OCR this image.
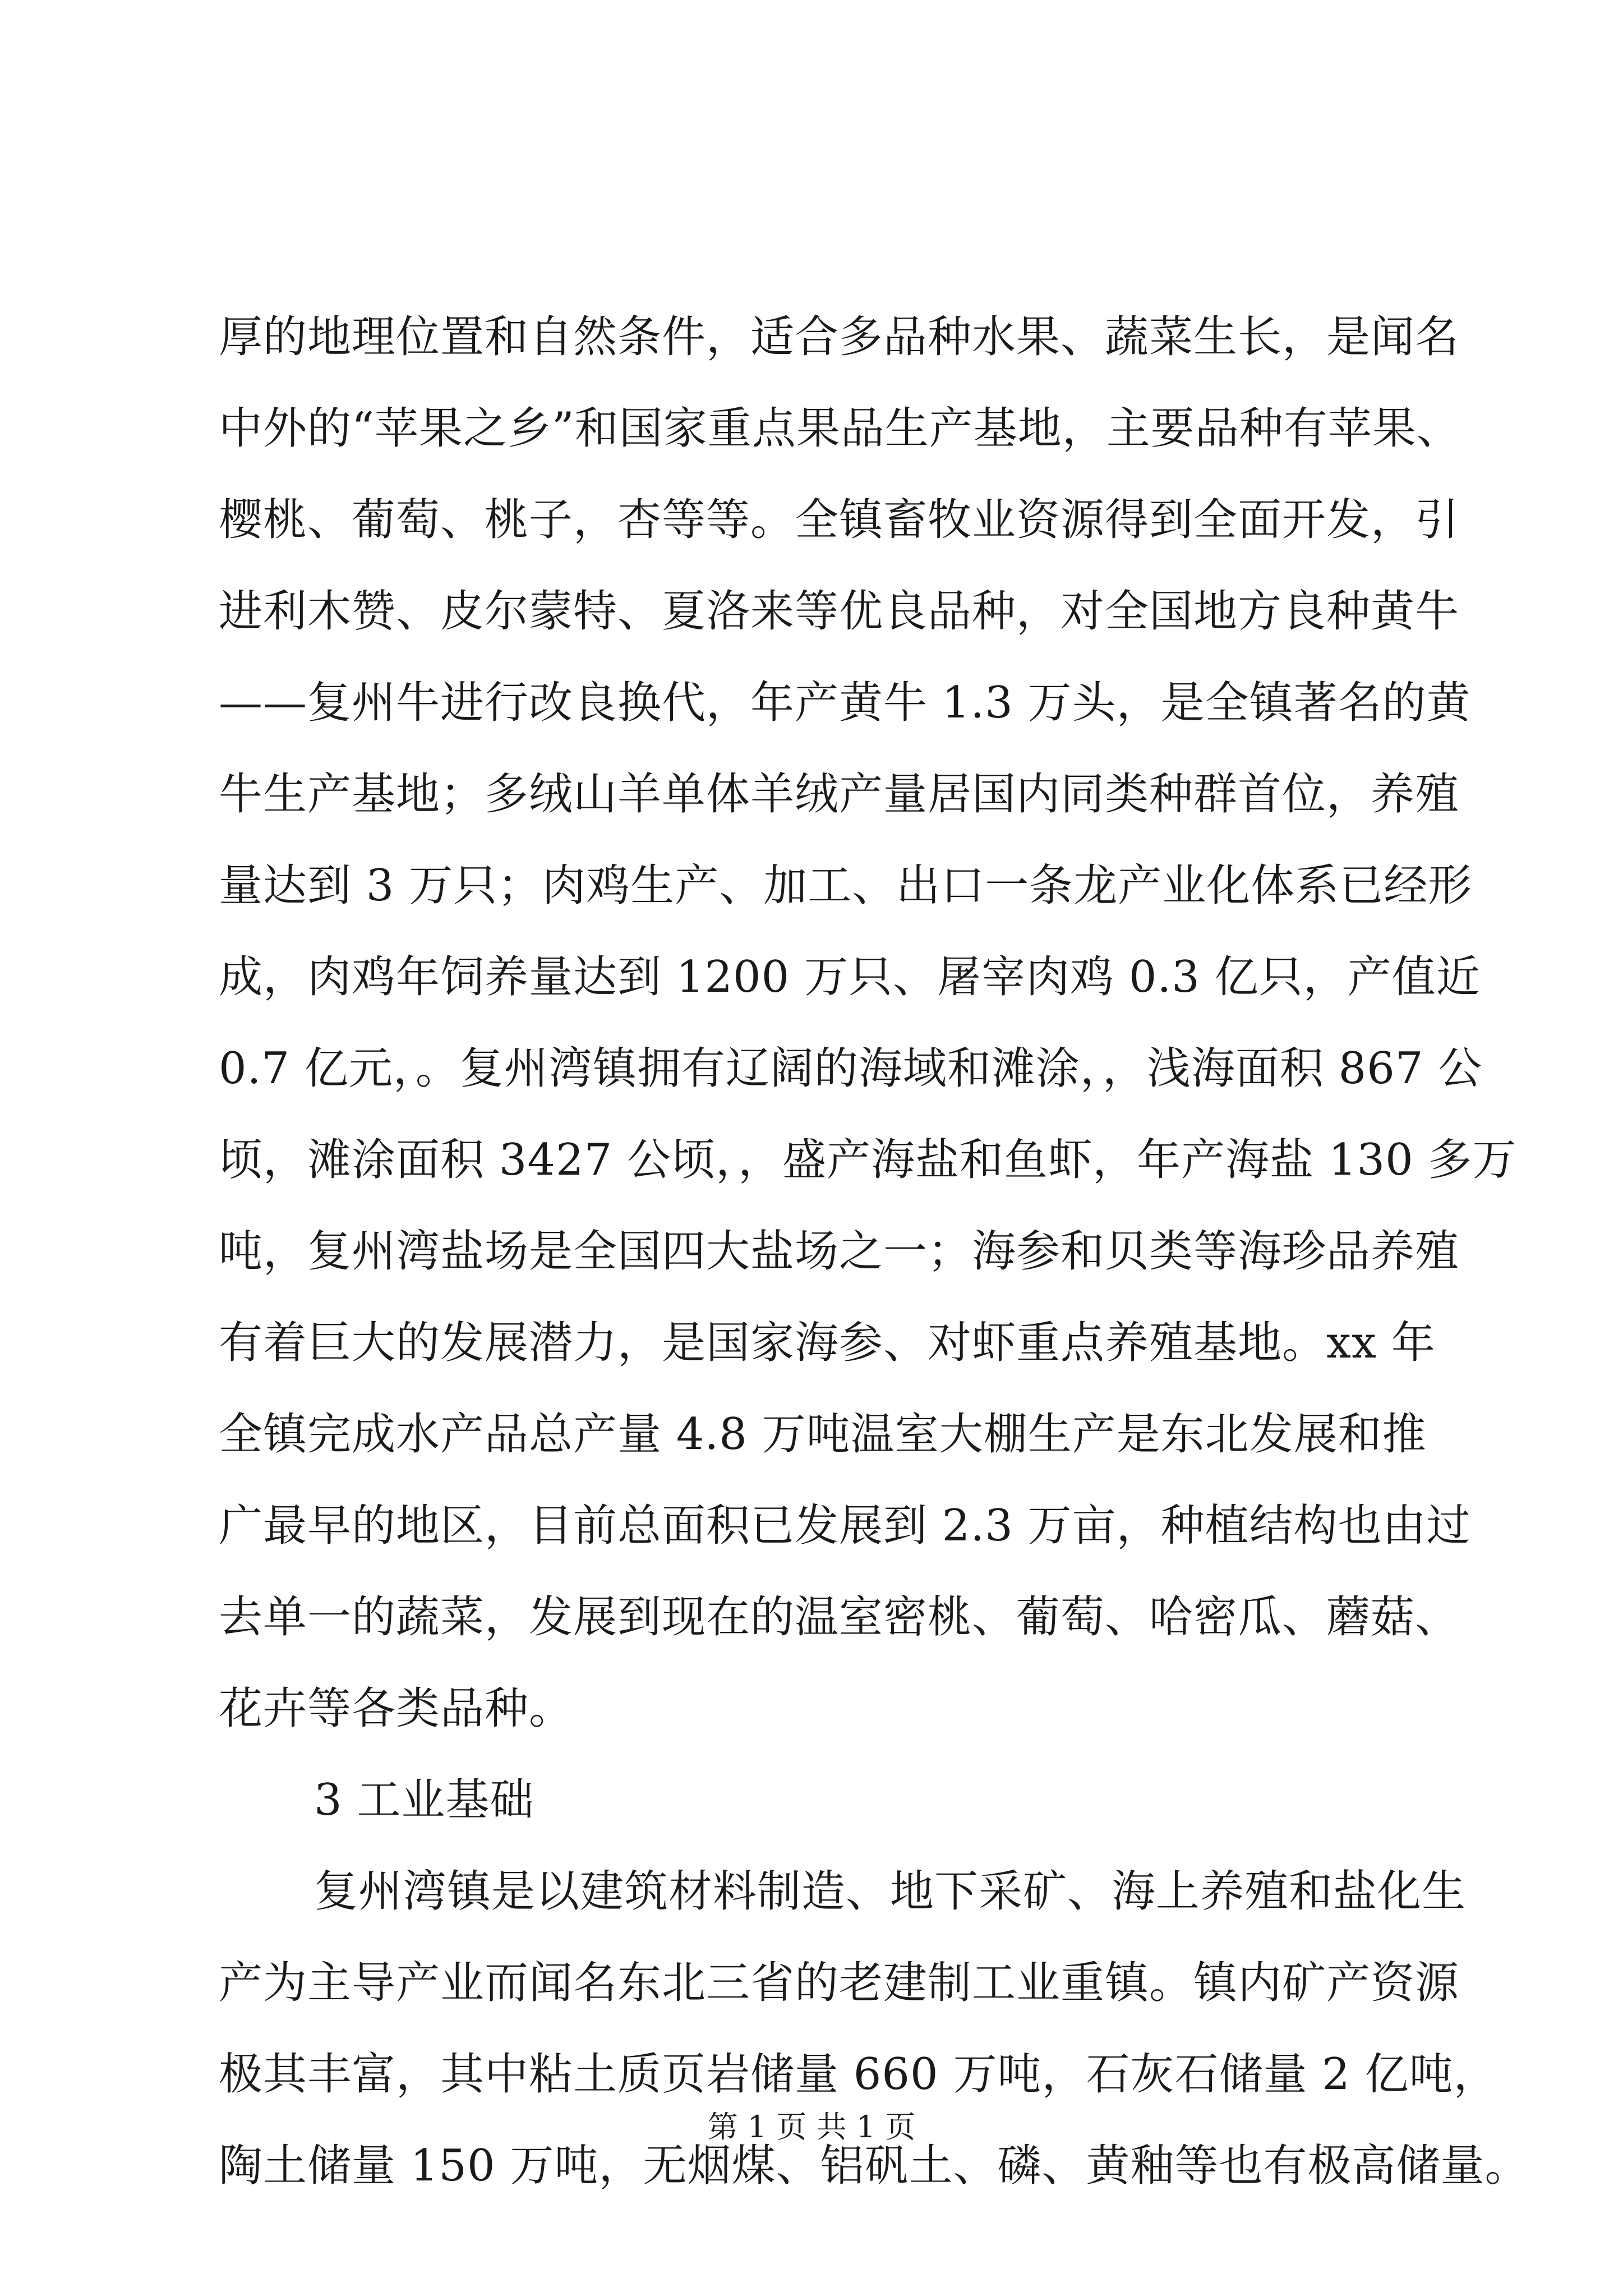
厚的地理位置和自然条件，适合多品种水果、蔬菜生长，是闻名
中外的“苹果之乡”和国家重点果品生产基地，主要品种有苹果、
樱桃、葡萄、桃子，杏等等。全镇畜牧业资源得到全面开发，引
进利木赞、皮尔蒙特、夏洛来等优良品种，对全国地方良种黄牛
——复州牛进行改良换代，年产黄牛 1.3 万头，是全镇著名的黄
牛生产基地；多绒山羊单体羊绒产量居国内同类种群首位，养殖
量达到 3 万只；肉鸡生产、加工、出口一条龙产业化体系已经形
成，肉鸡年饲养量达到 1200 万只、屠宰肉鸡 0.3 亿只，产值近
0.7 亿元，。复州湾镇拥有辽阔的海域和滩涂，，浅海面积 867 公
顷，滩涂面积 3427 公顷，，盛产海盐和鱼虾，年产海盐 130 多万
吨，复州湾盐场是全国四大盐场之一；海参和贝类等海珍品养殖
有着巨大的发展潜力，是国家海参、对虾重点养殖基地。xx 年
全镇完成水产品总产量 4.8 万吨温室大棚生产是东北发展和推
广最早的地区，目前总面积已发展到 2.3 万亩，种植结构也由过
去单一的蔬菜，发展到现在的温室密桃、葡萄、哈密瓜、蘑菇、
花卉等各类品种。
3 工业基础
复州湾镇是以建筑材料制造、地下采矿、海上养殖和盐化生
产为主导产业而闻名东北三省的老建制工业重镇。镇内矿产资源
极其丰富，其中粘土质页岩储量 660 万吨，石灰石储量 2 亿吨，
陶土储量 150 万吨，无烟煤、铝矾土、磷、黄釉等也有极高储量。
第 1 页 共 1 页
